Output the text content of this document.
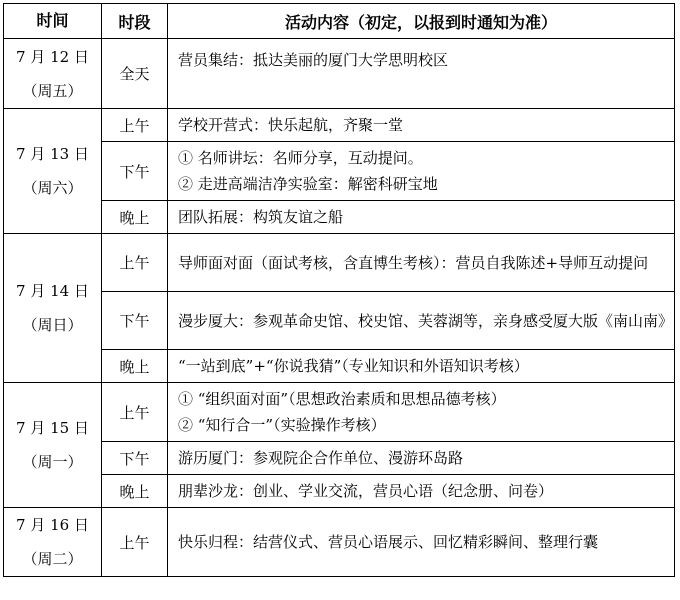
时间	时段	活动内容（初定，以报到时通知为准）

7 月 12 日
（周五）	全天	营员集结：抵达美丽的厦门大学思明校区

7 月 13 日
（周六）	上午	学校开营式：快乐起航，齐聚一堂

	下午	① 名师讲坛：名师分享，互动提问。
② 走进高端洁净实验室：解密科研宝地

	晚上	团队拓展：构筑友谊之船

7 月 14 日
（周日）	上午	导师面对面（面试考核，含直博生考核）：营员自我陈述+导师互动提问

	下午	漫步厦大：参观革命史馆、校史馆、芙蓉湖等，亲身感受厦大版《南山南》

	晚上	“一站到底”+“你说我猜”（专业知识和外语知识考核）

7 月 15 日
（周一）	上午	① “组织面对面”（思想政治素质和思想品德考核）
② “知行合一”（实验操作考核）

	下午	游历厦门：参观院企合作单位、漫游环岛路

	晚上	朋辈沙龙：创业、学业交流，营员心语（纪念册、问卷）

7 月 16 日
（周二）	上午	快乐归程：结营仪式、营员心语展示、回忆精彩瞬间、整理行囊
